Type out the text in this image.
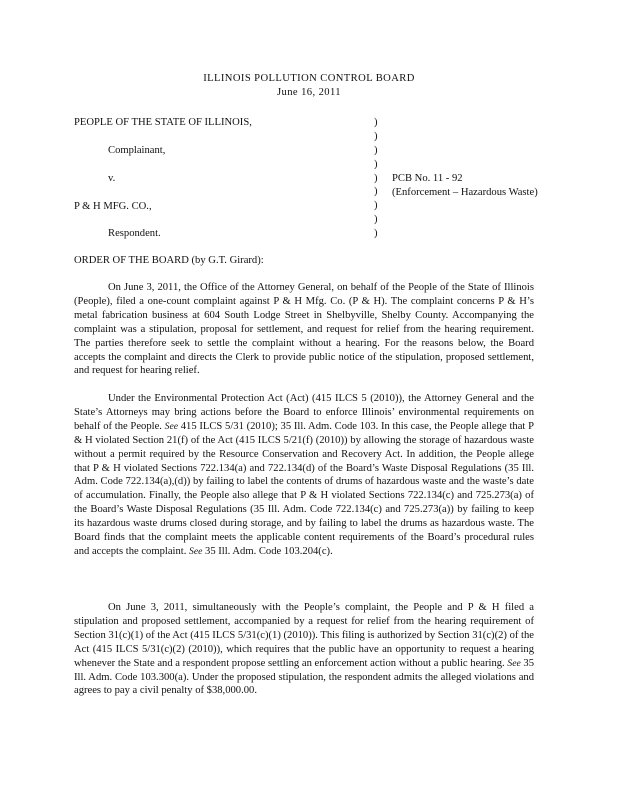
ILLINOIS POLLUTION CONTROL BOARD
June 16, 2011
PEOPLE OF THE STATE OF ILLINOIS,
Complainant,
v.
P & H MFG. CO.,
Respondent.
)
)
)
)
)
)
)
)
)
PCB No. 11 - 92
(Enforcement – Hazardous Waste)
ORDER OF THE BOARD (by G.T. Girard):

On June 3, 2011, the Office of the Attorney General, on behalf of the People of the State of Illinois (People), filed a one-count complaint against P & H Mfg. Co. (P & H). The complaint concerns P & H’s metal fabrication business at 604 South Lodge Street in Shelbyville, Shelby County. Accompanying the complaint was a stipulation, proposal for settlement, and request for relief from the hearing requirement. The parties therefore seek to settle the complaint without a hearing. For the reasons below, the Board accepts the complaint and directs the Clerk to provide public notice of the stipulation, proposed settlement, and request for hearing relief.

Under the Environmental Protection Act (Act) (415 ILCS 5 (2010)), the Attorney General and the State’s Attorneys may bring actions before the Board to enforce Illinois’ environmental requirements on behalf of the People. See 415 ILCS 5/31 (2010); 35 Ill. Adm. Code 103. In this case, the People allege that P & H violated Section 21(f) of the Act (415 ILCS 5/21(f) (2010)) by allowing the storage of hazardous waste without a permit required by the Resource Conservation and Recovery Act. In addition, the People allege that P & H violated Sections 722.134(a) and 722.134(d) of the Board’s Waste Disposal Regulations (35 Ill. Adm. Code 722.134(a),(d)) by failing to label the contents of drums of hazardous waste and the waste’s date of accumulation. Finally, the People also allege that P & H violated Sections 722.134(c) and 725.273(a) of the Board’s Waste Disposal Regulations (35 Ill. Adm. Code 722.134(c) and 725.273(a)) by failing to keep its hazardous waste drums closed during storage, and by failing to label the drums as hazardous waste. The Board finds that the complaint meets the applicable content requirements of the Board’s procedural rules and accepts the complaint. See 35 Ill. Adm. Code 103.204(c).

On June 3, 2011, simultaneously with the People’s complaint, the People and P & H filed a stipulation and proposed settlement, accompanied by a request for relief from the hearing requirement of Section 31(c)(1) of the Act (415 ILCS 5/31(c)(1) (2010)). This filing is authorized by Section 31(c)(2) of the Act (415 ILCS 5/31(c)(2) (2010)), which requires that the public have an opportunity to request a hearing whenever the State and a respondent propose settling an enforcement action without a public hearing. See 35 Ill. Adm. Code 103.300(a). Under the proposed stipulation, the respondent admits the alleged violations and agrees to pay a civil penalty of $38,000.00.
